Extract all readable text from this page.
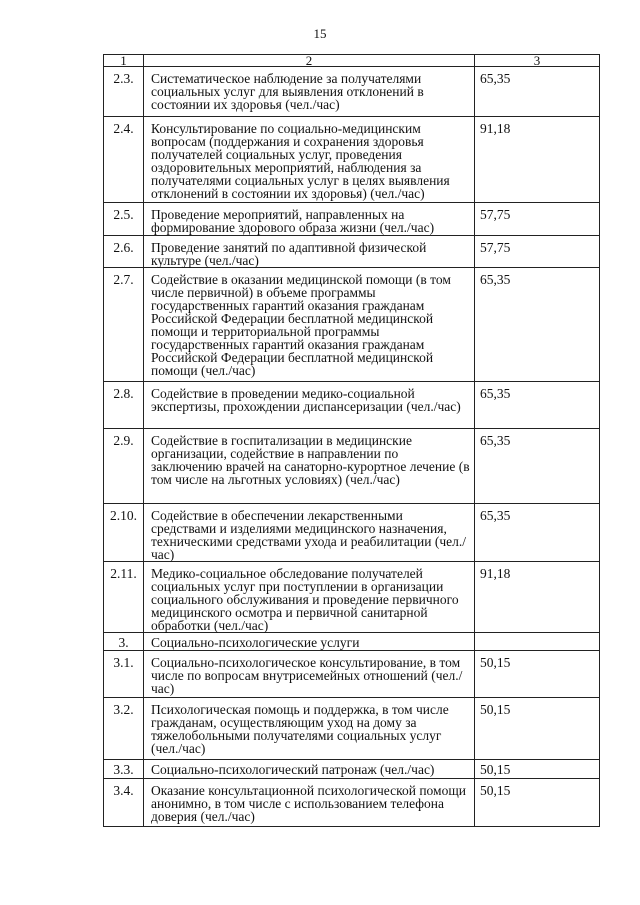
15
1	2	3
2.3.	Систематическое наблюдение за получателями социальных услуг для выявления отклонений в состоянии их здоровья (чел./час)	65,35
2.4.	Консультирование по социально-медицинским вопросам (поддержания и сохранения здоровья получателей социальных услуг, проведения оздоровительных мероприятий, наблюдения за получателями социальных услуг в целях выявления отклонений в состоянии их здоровья) (чел./час)	91,18
2.5.	Проведение мероприятий, направленных на формирование здорового образа жизни (чел./час)	57,75
2.6.	Проведение занятий по адаптивной физической культуре (чел./час)	57,75
2.7.	Содействие в оказании медицинской помощи (в том числе первичной) в объеме программы государственных гарантий оказания гражданам Российской Федерации бесплатной медицинской помощи и территориальной программы государственных гарантий оказания гражданам Российской Федерации бесплатной медицинской помощи (чел./час)	65,35
2.8.	Содействие в проведении медико-социальной экспертизы, прохождении диспансеризации (чел./час)	65,35
2.9.	Содействие в госпитализации в медицинские организации, содействие в направлении по заключению врачей на санаторно-курортное лечение (в том числе на льготных условиях) (чел./час)	65,35
2.10.	Содействие в обеспечении лекарственными средствами и изделиями медицинского назначения, техническими средствами ухода и реабилитации (чел./час)	65,35
2.11.	Медико-социальное обследование получателей социальных услуг при поступлении в организации социального обслуживания и проведение первичного медицинского осмотра и первичной санитарной обработки (чел./час)	91,18
3.	Социально-психологические услуги	
3.1.	Социально-психологическое консультирование, в том числе по вопросам внутрисемейных отношений (чел./час)	50,15
3.2.	Психологическая помощь и поддержка, в том числе гражданам, осуществляющим уход на дому за тяжелобольными получателями социальных услуг (чел./час)	50,15
3.3.	Социально-психологический патронаж (чел./час)	50,15
3.4.	Оказание консультационной психологической помощи анонимно, в том числе с использованием телефона доверия (чел./час)	50,15
